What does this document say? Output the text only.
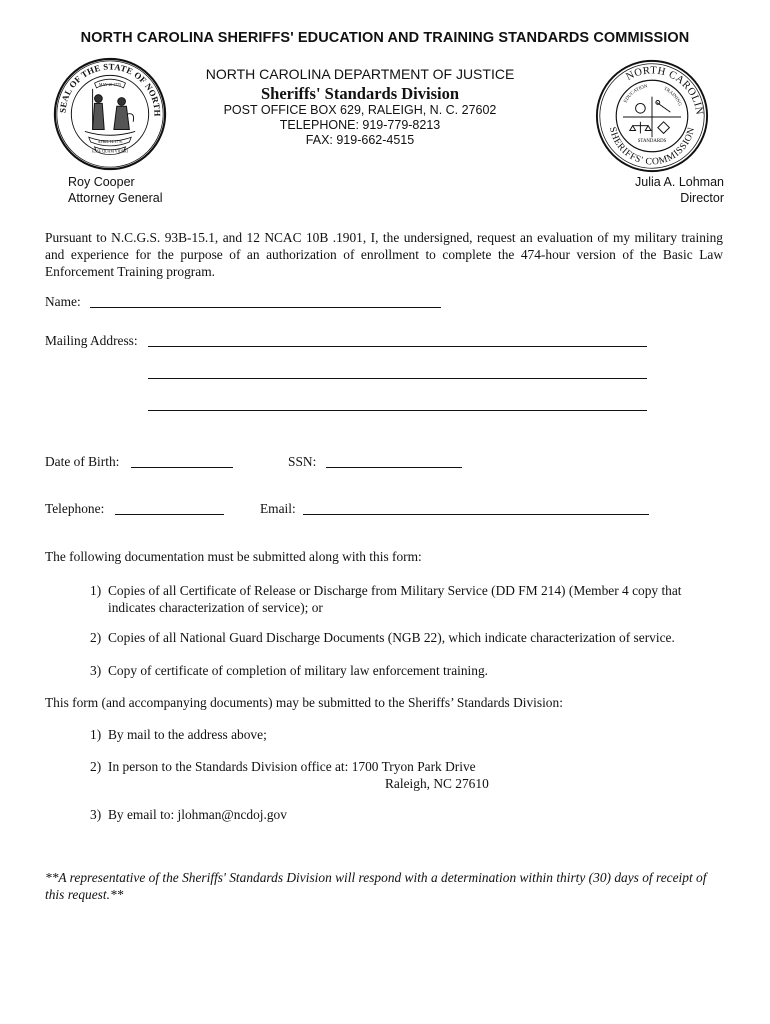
NORTH CAROLINA SHERIFFS' EDUCATION AND TRAINING STANDARDS COMMISSION
SEAL OF THE STATE OF NORTH
MAY 20 1775
APRIL 12 1776
ESSE QUAM VIDERI
NORTH CAROLINA DEPARTMENT OF JUSTICE
Sheriffs' Standards Division
POST OFFICE BOX 629, RALEIGH, N. C. 27602
TELEPHONE: 919-779-8213
FAX: 919-662-4515
NORTH CAROLIN
SHERIFFS' COMMISSION
EDUCATION	TRAINING
STANDARDS
Roy Cooper
Attorney General
Julia A. Lohman
Director
Pursuant to N.C.G.S. 93B-15.1, and 12 NCAC 10B .1901, I, the undersigned, request an evaluation of my military training and experience for the purpose of an authorization of enrollment to complete the 474-hour version of the Basic Law Enforcement Training program.
Name:
Mailing Address:
Date of Birth:	SSN:
Telephone:	Email:
The following documentation must be submitted along with this form:
1) Copies of all Certificate of Release or Discharge from Military Service (DD FM 214) (Member 4 copy that
indicates characterization of service); or
2) Copies of all National Guard Discharge Documents (NGB 22), which indicate characterization of service.
3) Copy of certificate of completion of military law enforcement training.
This form (and accompanying documents) may be submitted to the Sheriffs’ Standards Division:
1) By mail to the address above;
2) In person to the Standards Division office at: 1700 Tryon Park Drive
Raleigh, NC 27610
3) By email to: jlohman@ncdoj.gov
**A representative of the Sheriffs' Standards Division will respond with a determination within thirty (30) days of receipt of this request.**
